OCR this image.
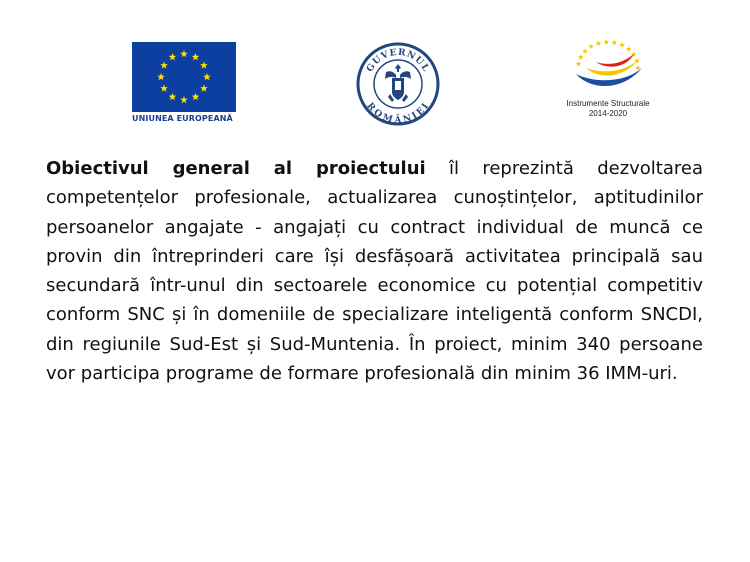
UNIUNEA EUROPEANĂ
GUVERNUL
ROMÂNIEI	Instrumente Structurale
2014-2020

Obiectivul general al proiectului îl reprezintă dezvoltarea competențelor profesionale, actualizarea cunoștințelor, aptitudinilor persoanelor angajate - angajați cu contract individual de muncă ce provin din întreprinderi care își desfășoară activitatea principală sau secundară într-unul din sectoarele economice cu potențial competitiv conform SNC și în domeniile de specializare inteligentă conform SNCDI, din regiunile Sud-Est și Sud-Muntenia. În proiect, minim 340 persoane vor participa programe de formare profesională din minim 36 IMM-uri.
